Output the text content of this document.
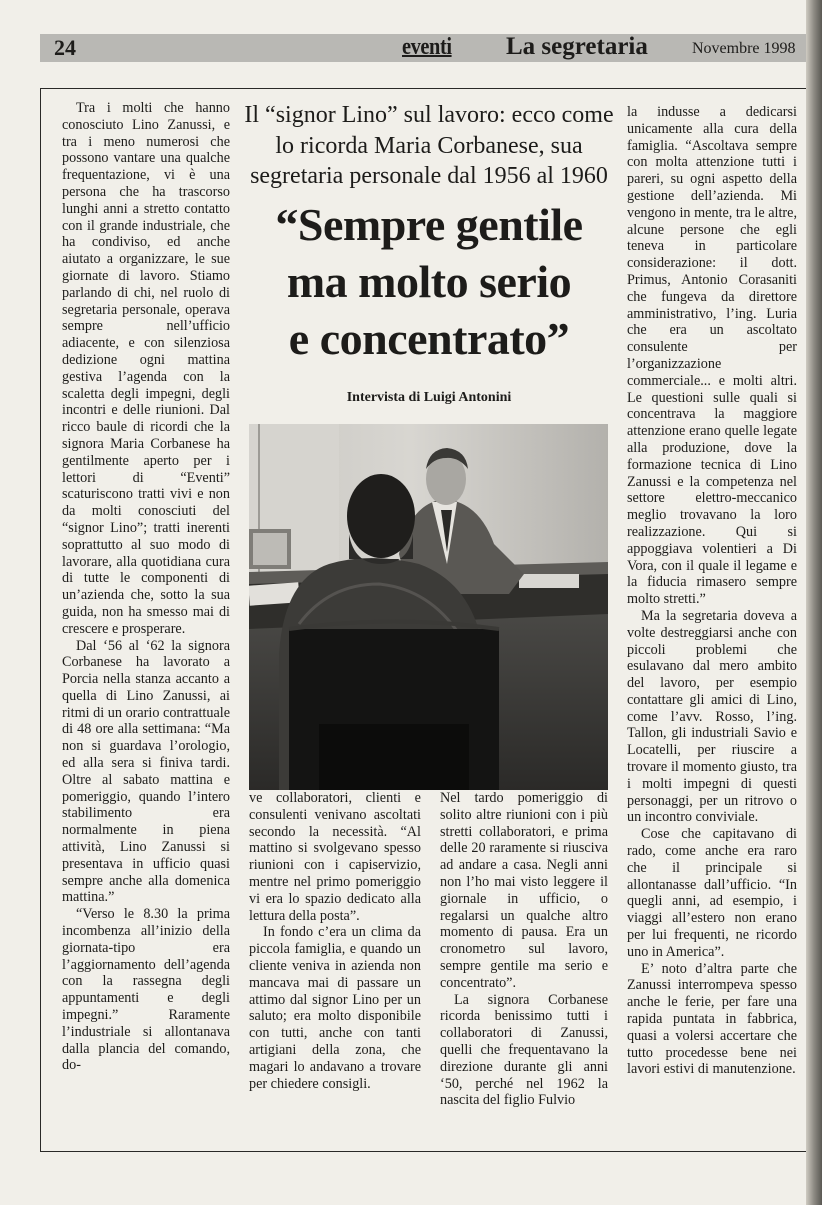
24	eventi La segretaria	Novembre 1998

Tra i molti che hanno conosciuto Lino Zanussi, e tra i meno numerosi che possono vantare una qualche frequentazione, vi è una persona che ha trascorso lunghi anni a stretto contatto con il grande industriale, che ha condiviso, ed anche aiutato a organizzare, le sue giornate di lavoro. Stiamo parlando di chi, nel ruolo di segretaria personale, operava sempre nell’ufficio adiacente, e con silenziosa dedizione ogni mattina gestiva l’agenda con la scaletta degli impegni, degli incontri e delle riunioni. Dal ricco baule di ricordi che la signora Maria Corbanese ha gentilmente aperto per i lettori di “Eventi” scaturiscono tratti vivi e non da molti conosciuti del “signor Lino”; tratti inerenti soprattutto al suo modo di lavorare, alla quotidiana cura di tutte le componenti di un’azienda che, sotto la sua guida, non ha smesso mai di crescere e prosperare.

Dal ‘56 al ‘62 la signora Corbanese ha lavorato a Porcia nella stanza accanto a quella di Lino Zanussi, ai ritmi di un orario contrattuale di 48 ore alla settimana: “Ma non si guardava l’orologio, ed alla sera si finiva tardi. Oltre al sabato mattina e pomeriggio, quando l’intero stabilimento era normalmente in piena attività, Lino Zanussi si presentava in ufficio quasi sempre anche alla domenica mattina.”

“Verso le 8.30 la prima incombenza all’inizio della giornata-tipo era l’aggiornamento dell’agenda con la rassegna degli appuntamenti e degli impegni.” Raramente l’industriale si allontanava dalla plancia del comando, do-

Il “signor Lino” sul lavoro: ecco come lo ricorda Maria Corbanese, sua segretaria personale dal 1956 al 1960

“Sempre gentile
ma molto serio
e concentrato”

Intervista di Luigi Antonini

ve collaboratori, clienti e consulenti venivano ascoltati secondo la necessità. “Al mattino si svolgevano spesso riunioni con i capiservizio, mentre nel primo pomeriggio vi era lo spazio dedicato alla lettura della posta”.

In fondo c’era un clima da piccola famiglia, e quando un cliente veniva in azienda non mancava mai di passare un attimo dal signor Lino per un saluto; era molto disponibile con tutti, anche con tanti artigiani della zona, che magari lo andavano a trovare per chiedere consigli.

Nel tardo pomeriggio di solito altre riunioni con i più stretti collaboratori, e prima delle 20 raramente si riusciva ad andare a casa. Negli anni non l’ho mai visto leggere il giornale in ufficio, o regalarsi un qualche altro momento di pausa. Era un cronometro sul lavoro, sempre gentile ma serio e concentrato”.

La signora Corbanese ricorda benissimo tutti i collaboratori di Zanussi, quelli che frequentavano la direzione durante gli anni ‘50, perché nel 1962 la nascita del figlio Fulvio

la indusse a dedicarsi unicamente alla cura della famiglia. “Ascoltava sempre con molta attenzione tutti i pareri, su ogni aspetto della gestione dell’azienda. Mi vengono in mente, tra le altre, alcune persone che egli teneva in particolare considerazione: il dott. Primus, Antonio Corasaniti che fungeva da direttore amministrativo, l’ing. Luria che era un ascoltato consulente per l’organizzazione commerciale... e molti altri. Le questioni sulle quali si concentrava la maggiore attenzione erano quelle legate alla produzione, dove la formazione tecnica di Lino Zanussi e la competenza nel settore elettro-meccanico meglio trovavano la loro realizzazione. Qui si appoggiava volentieri a Di Vora, con il quale il legame e la fiducia rimasero sempre molto stretti.”

Ma la segretaria doveva a volte destreggiarsi anche con piccoli problemi che esulavano dal mero ambito del lavoro, per esempio contattare gli amici di Lino, come l’avv. Rosso, l’ing. Tallon, gli industriali Savio e Locatelli, per riuscire a trovare il momento giusto, tra i molti impegni di questi personaggi, per un ritrovo o un incontro conviviale.

Cose che capitavano di rado, come anche era raro che il principale si allontanasse dall’ufficio. “In quegli anni, ad esempio, i viaggi all’estero non erano per lui frequenti, ne ricordo uno in America”.

E’ noto d’altra parte che Zanussi interrompeva spesso anche le ferie, per fare una rapida puntata in fabbrica, quasi a volersi accertare che tutto procedesse bene nei lavori estivi di manutenzione.
